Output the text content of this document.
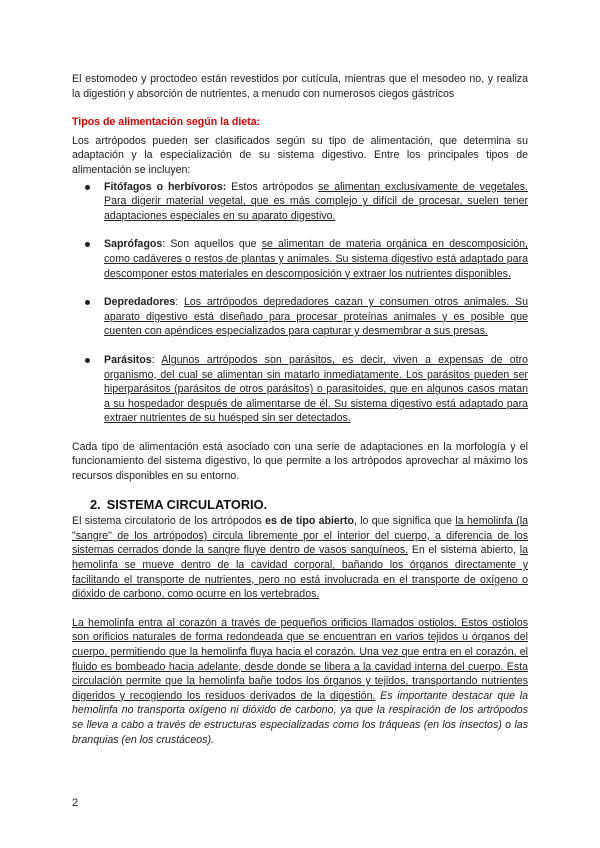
El estomodeo y proctodeo están revestidos por cutícula, mientras que el mesodeo no, y realiza la digestión y absorción de nutrientes, a menudo con numerosos ciegos gástricos

Tipos de alimentación según la dieta:

Los artrópodos pueden ser clasificados según su tipo de alimentación, que determina su adaptación y la especialización de su sistema digestivo. Entre los principales tipos de alimentación se incluyen:

Fitófagos o herbívoros: Estos artrópodos se alimentan exclusivamente de vegetales. Para digerir material vegetal, que es más complejo y difícil de procesar, suelen tener adaptaciones especiales en su aparato digestivo.
Saprófagos: Son aquellos que se alimentan de materia orgánica en descomposición, como cadáveres o restos de plantas y animales. Su sistema digestivo está adaptado para descomponer estos materiales en descomposición y extraer los nutrientes disponibles.
Depredadores: Los artrópodos depredadores cazan y consumen otros animales. Su aparato digestivo está diseñado para procesar proteínas animales y es posible que cuenten con apéndices especializados para capturar y desmembrar a sus presas.
Parásitos: Algunos artrópodos son parásitos, es decir, viven a expensas de otro organismo, del cual se alimentan sin matarlo inmediatamente. Los parásitos pueden ser hiperparásitos (parásitos de otros parásitos) o parasitoides, que en algunos casos matan a su hospedador después de alimentarse de él. Su sistema digestivo está adaptado para extraer nutrientes de su huésped sin ser detectados.

Cada tipo de alimentación está asociado con una serie de adaptaciones en la morfología y el funcionamiento del sistema digestivo, lo que permite a los artrópodos aprovechar al máximo los recursos disponibles en su entorno.

2. SISTEMA CIRCULATORIO.

El sistema circulatorio de los artrópodos es de tipo abierto, lo que significa que la hemolinfa (la "sangre" de los artrópodos) circula libremente por el interior del cuerpo, a diferencia de los sistemas cerrados donde la sangre fluye dentro de vasos sanguíneos. En el sistema abierto, la hemolinfa se mueve dentro de la cavidad corporal, bañando los órganos directamente y facilitando el transporte de nutrientes, pero no está involucrada en el transporte de oxígeno o dióxido de carbono, como ocurre en los vertebrados.

La hemolinfa entra al corazón a través de pequeños orificios llamados ostiolos. Estos ostiolos son orificios naturales de forma redondeada que se encuentran en varios tejidos u órganos del cuerpo, permitiendo que la hemolinfa fluya hacia el corazón. Una vez que entra en el corazón, el fluido es bombeado hacia adelante, desde donde se libera a la cavidad interna del cuerpo. Esta circulación permite que la hemolinfa bañe todos los órganos y tejidos, transportando nutrientes digeridos y recogiendo los residuos derivados de la digestión. Es importante destacar que la hemolinfa no transporta oxígeno ni dióxido de carbono, ya que la respiración de los artrópodos se lleva a cabo a través de estructuras especializadas como los tráqueas (en los insectos) o las branquias (en los crustáceos).

2
